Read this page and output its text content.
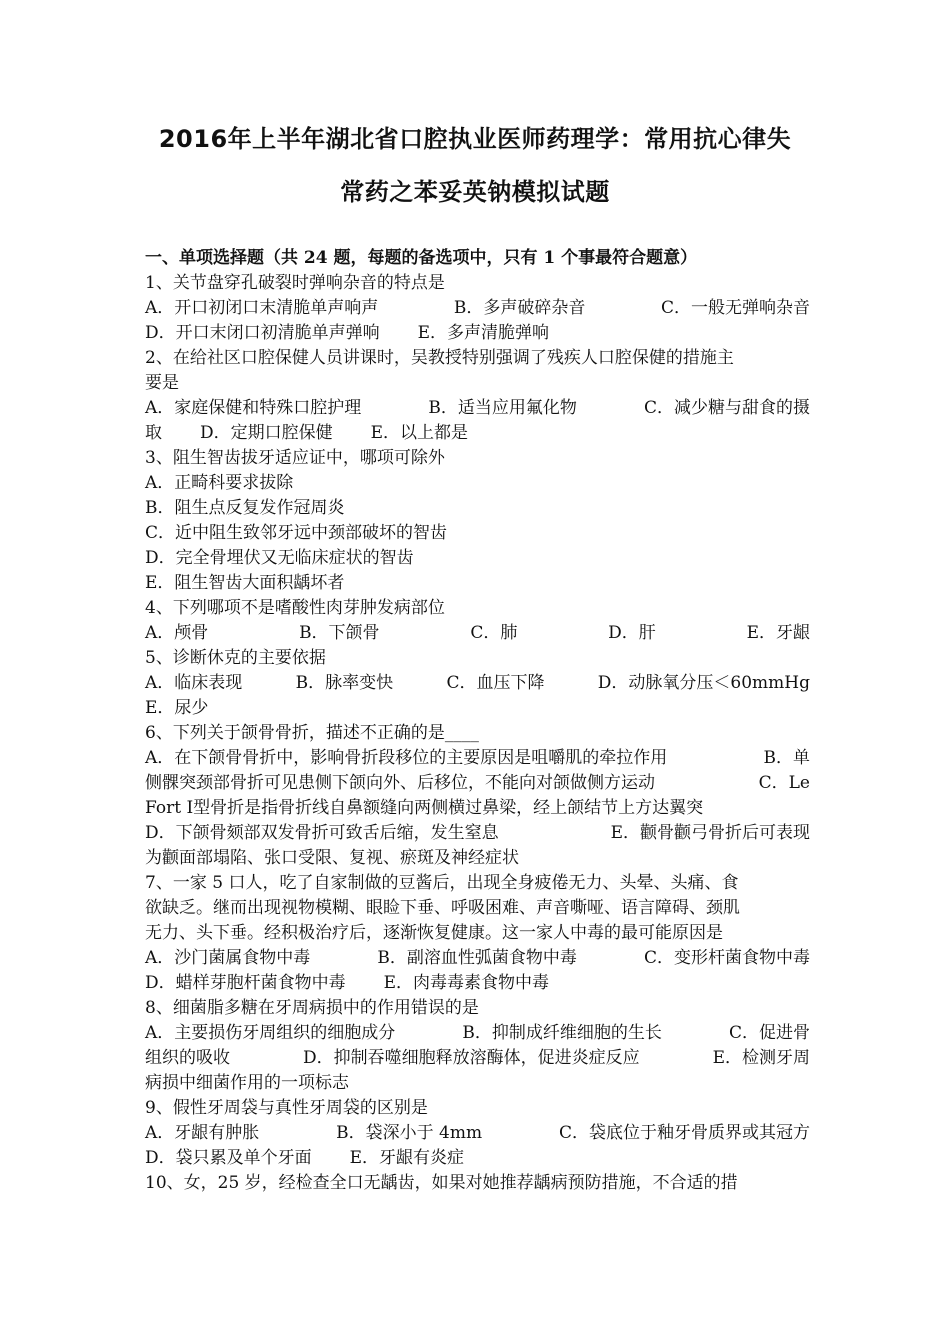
2016年上半年湖北省口腔执业医师药理学：常用抗心律失
常药之苯妥英钠模拟试题
一、单项选择题（共 24 题，每题的备选项中，只有 1 个事最符合题意）
1、关节盘穿孔破裂时弹响杂音的特点是
A．开口初闭口末清脆单声响声	B．多声破碎杂音	C．一般无弹响杂音
D．开口末闭口初清脆单声弹响 E．多声清脆弹响
2、在给社区口腔保健人员讲课时，吴教授特别强调了残疾人口腔保健的措施主
要是
A．家庭保健和特殊口腔护理	B．适当应用氟化物	C．减少糖与甜食的摄
取 D．定期口腔保健 E．以上都是
3、阻生智齿拔牙适应证中，哪项可除外
A．正畸科要求拔除
B．阻生点反复发作冠周炎
C．近中阻生致邻牙远中颈部破坏的智齿
D．完全骨埋伏又无临床症状的智齿
E．阻生智齿大面积龋坏者
4、下列哪项不是嗜酸性肉芽肿发病部位
A．颅骨	B．下颌骨	C．肺	D．肝	E．牙龈
5、诊断休克的主要依据
A．临床表现	B．脉率变快	C．血压下降	D．动脉氧分压＜60mmHg
E．尿少
6、下列关于颌骨骨折，描述不正确的是____
A．在下颌骨骨折中，影响骨折段移位的主要原因是咀嚼肌的牵拉作用	B．单
侧髁突颈部骨折可见患侧下颌向外、后移位，不能向对颌做侧方运动	C．Le
Fort Ⅰ型骨折是指骨折线自鼻额缝向两侧横过鼻梁，经上颌结节上方达翼突
D．下颌骨颏部双发骨折可致舌后缩，发生窒息	E．颧骨颧弓骨折后可表现
为颧面部塌陷、张口受限、复视、瘀斑及神经症状
7、一家 5 口人，吃了自家制做的豆酱后，出现全身疲倦无力、头晕、头痛、食
欲缺乏。继而出现视物模糊、眼睑下垂、呼吸困难、声音嘶哑、语言障碍、颈肌
无力、头下垂。经积极治疗后，逐渐恢复健康。这一家人中毒的最可能原因是
A．沙门菌属食物中毒	B．副溶血性弧菌食物中毒	C．变形杆菌食物中毒
D．蜡样芽胞杆菌食物中毒 E．肉毒毒素食物中毒
8、细菌脂多糖在牙周病损中的作用错误的是
A．主要损伤牙周组织的细胞成分	B．抑制成纤维细胞的生长	C．促进骨
组织的吸收	D．抑制吞噬细胞释放溶酶体，促进炎症反应	E．检测牙周
病损中细菌作用的一项标志
9、假性牙周袋与真性牙周袋的区别是
A．牙龈有肿胀	B．袋深小于 4mm	C．袋底位于釉牙骨质界或其冠方
D．袋只累及单个牙面 E．牙龈有炎症
10、女，25 岁，经检查全口无龋齿，如果对她推荐龋病预防措施，不合适的措
